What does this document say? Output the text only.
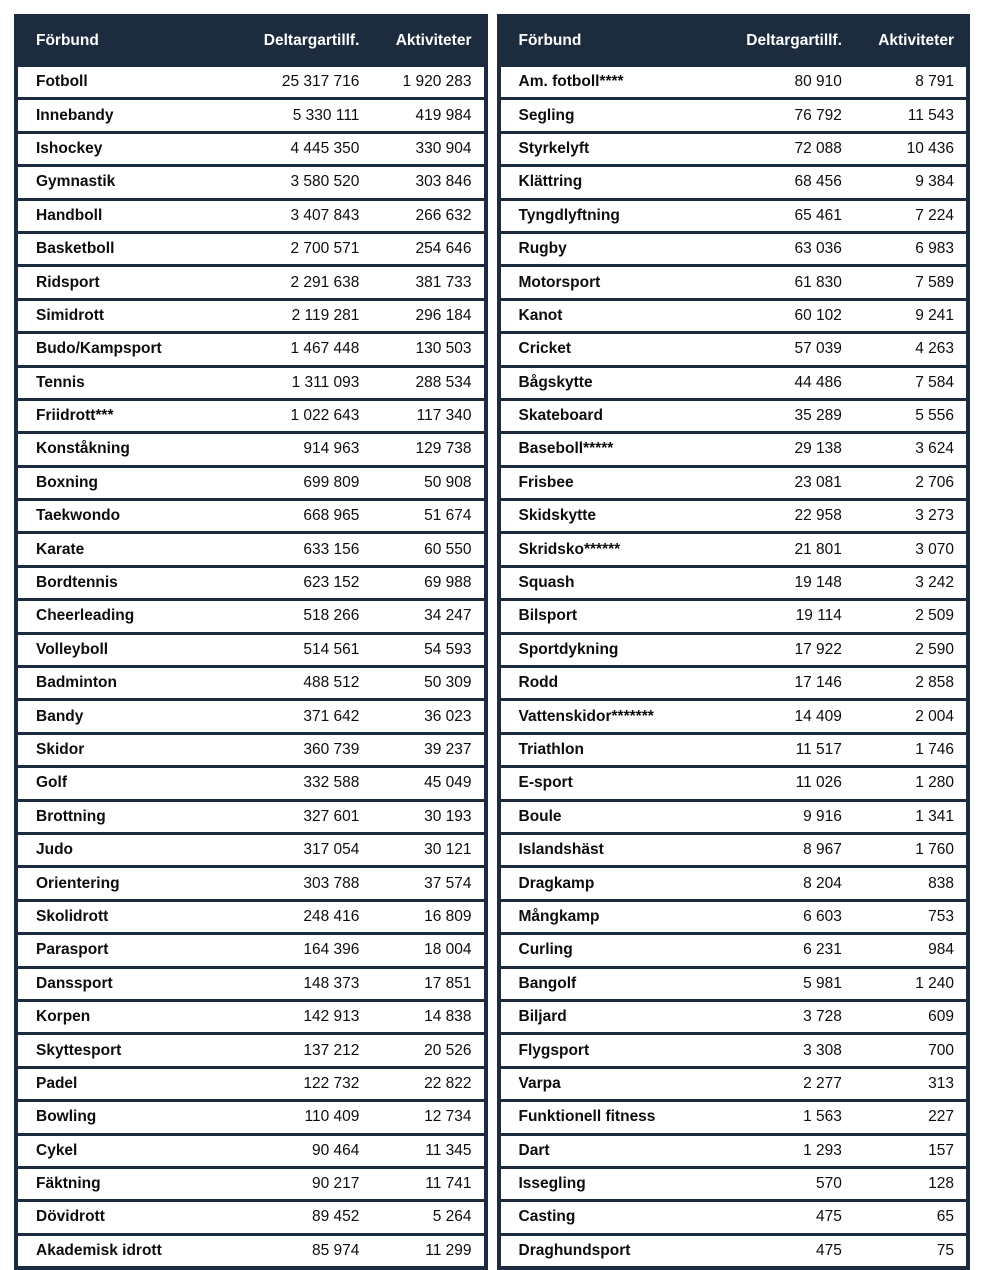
Förbund	Deltargartillf.	Aktiviteter
Fotboll	25 317 716	1 920 283
Innebandy	5 330 111	419 984
Ishockey	4 445 350	330 904
Gymnastik	3 580 520	303 846
Handboll	3 407 843	266 632
Basketboll	2 700 571	254 646
Ridsport	2 291 638	381 733
Simidrott	2 119 281	296 184
Budo/Kampsport	1 467 448	130 503
Tennis	1 311 093	288 534
Friidrott***	1 022 643	117 340
Konståkning	914 963	129 738
Boxning	699 809	50 908
Taekwondo	668 965	51 674
Karate	633 156	60 550
Bordtennis	623 152	69 988
Cheerleading	518 266	34 247
Volleyboll	514 561	54 593
Badminton	488 512	50 309
Bandy	371 642	36 023
Skidor	360 739	39 237
Golf	332 588	45 049
Brottning	327 601	30 193
Judo	317 054	30 121
Orientering	303 788	37 574
Skolidrott	248 416	16 809
Parasport	164 396	18 004
Danssport	148 373	17 851
Korpen	142 913	14 838
Skyttesport	137 212	20 526
Padel	122 732	22 822
Bowling	110 409	12 734
Cykel	90 464	11 345
Fäktning	90 217	11 741
Dövidrott	89 452	5 264
Akademisk idrott	85 974	11 299
Förbund	Deltargartillf.	Aktiviteter
Am. fotboll****	80 910	8 791
Segling	76 792	11 543
Styrkelyft	72 088	10 436
Klättring	68 456	9 384
Tyngdlyftning	65 461	7 224
Rugby	63 036	6 983
Motorsport	61 830	7 589
Kanot	60 102	9 241
Cricket	57 039	4 263
Bågskytte	44 486	7 584
Skateboard	35 289	5 556
Baseboll*****	29 138	3 624
Frisbee	23 081	2 706
Skidskytte	22 958	3 273
Skridsko******	21 801	3 070
Squash	19 148	3 242
Bilsport	19 114	2 509
Sportdykning	17 922	2 590
Rodd	17 146	2 858
Vattenskidor*******	14 409	2 004
Triathlon	11 517	1 746
E-sport	11 026	1 280
Boule	9 916	1 341
Islandshäst	8 967	1 760
Dragkamp	8 204	838
Mångkamp	6 603	753
Curling	6 231	984
Bangolf	5 981	1 240
Biljard	3 728	609
Flygsport	3 308	700
Varpa	2 277	313
Funktionell fitness	1 563	227
Dart	1 293	157
Issegling	570	128
Casting	475	65
Draghundsport	475	75
